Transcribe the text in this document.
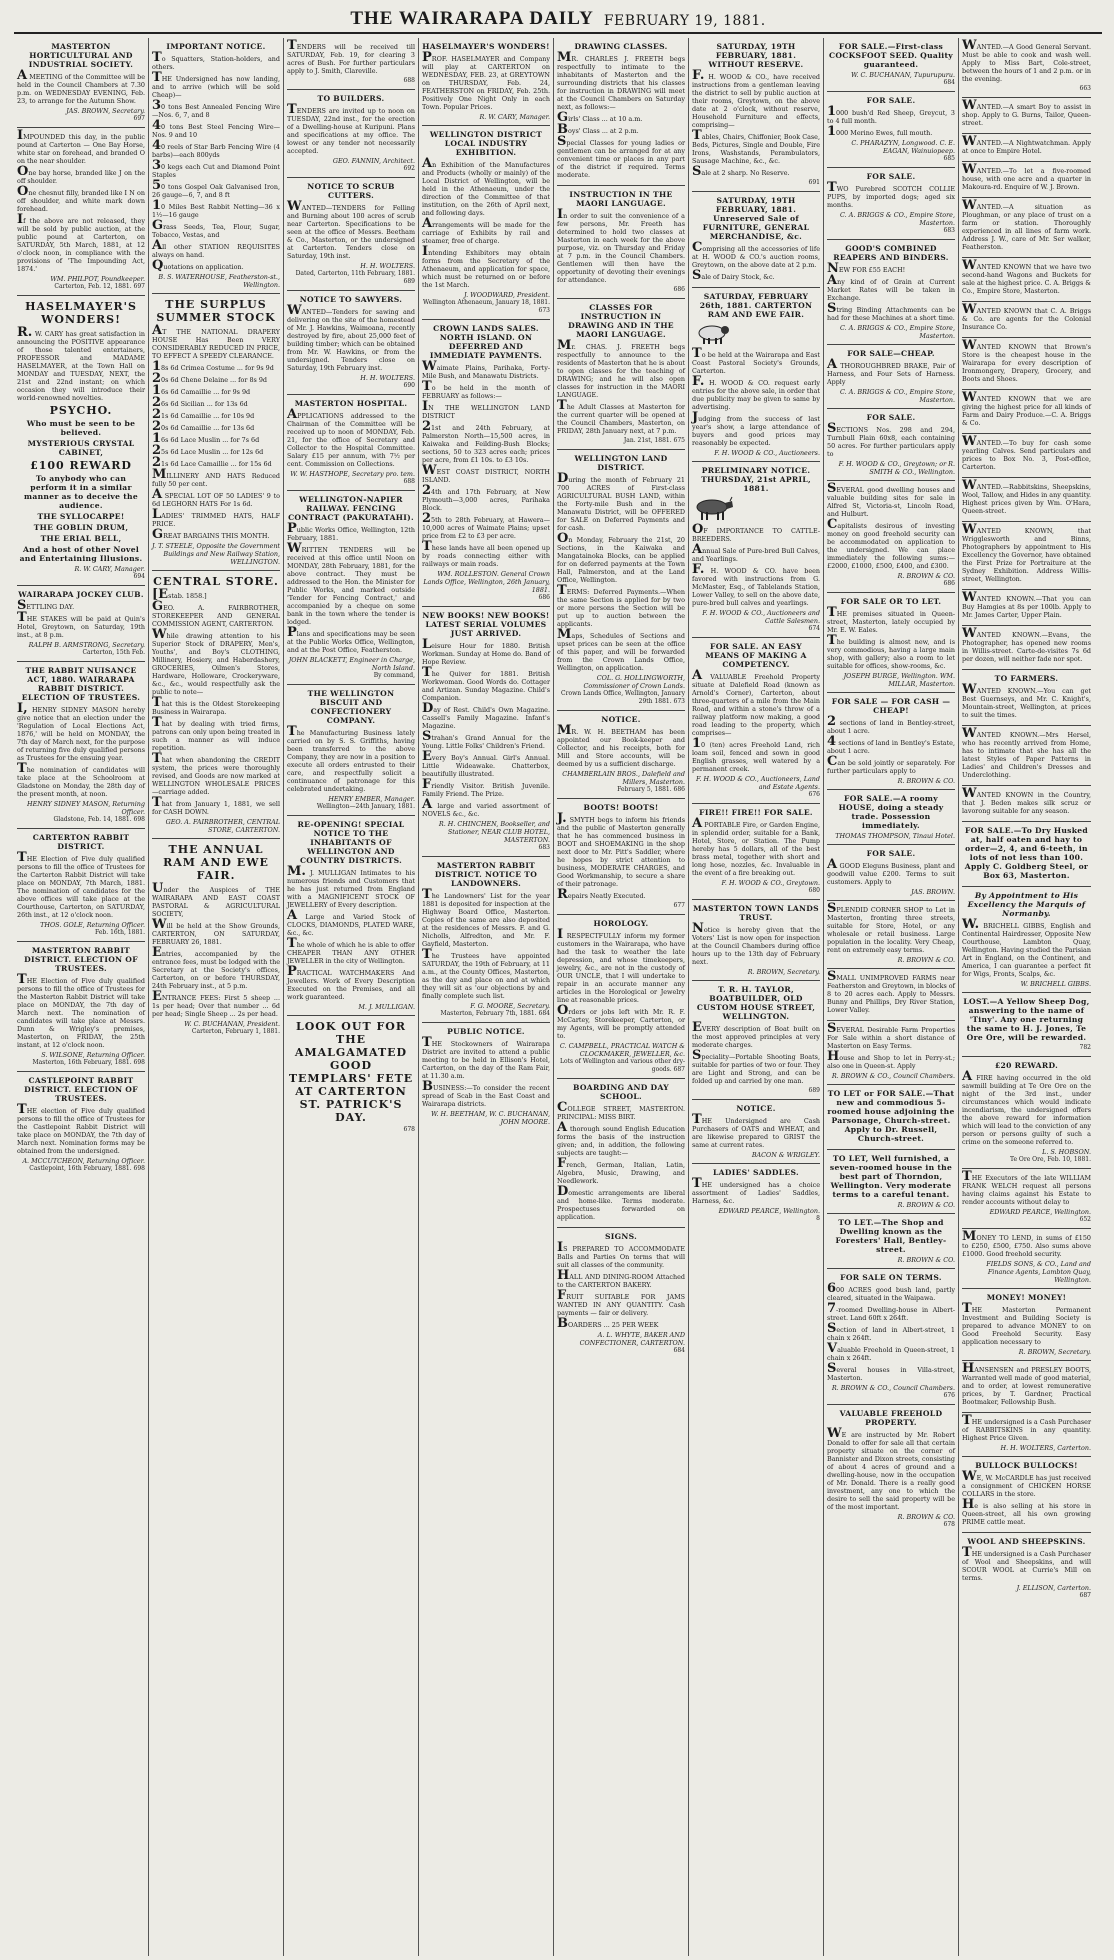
THE WAIRARAPA DAILY FEBRUARY 19, 1881.
MASTERTON HORTICULTURAL AND INDUSTRIAL SOCIETY.
A MEETING of the Committee will be held in the Council Chambers at 7.30 p.m. on WEDNESDAY EVENING, Feb. 23, to arrange for the Autumn Show.
JAS. BROWN, Secretary.
697
IMPOUNDED this day, in the public pound at Carterton — One Bay Horse, white star on forehead, and branded O on the near shoulder.
One bay horse, branded like J on the off shoulder.
One chesnut filly, branded like I N on off shoulder, and white mark down forehead.
If the above are not released, they will be sold by public auction, at the public pound at Carterton, on SATURDAY, 5th March, 1881, at 12 o'clock noon, in compliance with the provisions of 'The Impounding Act, 1874.'
WM. PHILPOT, Poundkeeper.
Carterton, Feb. 12, 1881. 697
HASELMAYER'S WONDERS!
R. W. CARY has great satisfaction in announcing the POSITIVE appearance of those talented entertainers, PROFESSOR and MADAME HASELMAYER, at the Town Hall on MONDAY and TUESDAY, NEXT, the 21st and 22nd instant; on which occasion they will introduce their world-renowned novelties.
PSYCHO.
Who must be seen to be believed.
MYSTERIOUS CRYSTAL CABINET,
£100 REWARD
To anybody who can perform it in a similar manner as to deceive the audience.
THE SYLLOCARPE!
THE GOBLIN DRUM,
THE ERIAL BELL,
And a host of other Novel and Entertaining Illusions.
R. W. CARY, Manager.
694
WAIRARAPA JOCKEY CLUB.
SETTLING DAY.
THE STAKES will be paid at Quin's Hotel, Greytown, on Saturday, 19th inst., at 8 p.m.
RALPH B. ARMSTRONG, Secretary.
Carterton, 15th Feb.
THE RABBIT NUISANCE ACT, 1880. WAIRARAPA RABBIT DISTRICT. ELECTION OF TRUSTEES.
I, HENRY SIDNEY MASON hereby give notice that an election under the 'Regulation of Local Elections Act, 1876,' will be held on MONDAY, the 7th day of March next, for the purpose of returning five duly qualified persons as Trustees for the ensuing year.
The nomination of candidates will take place at the Schoolroom at Gladstone on Monday, the 28th day of the present month, at noon.
HENRY SIDNEY MASON, Returning Officer.
Gladstone, Feb. 14, 1881. 698
CARTERTON RABBIT DISTRICT.
THE Election of Five duly qualified persons to fill the office of Trustees for the Carterton Rabbit District will take place on MONDAY, 7th March, 1881. The nomination of candidates for the above offices will take place at the Courthouse, Carterton, on SATURDAY, 26th inst., at 12 o'clock noon.
THOS. GOLE, Returning Officer.
Feb. 16th, 1881.
MASTERTON RABBIT DISTRICT. ELECTION OF TRUSTEES.
THE Election of Five duly qualified persons to fill the office of Trustees for the Masterton Rabbit District will take place on MONDAY, the 7th day of March next. The nomination of candidates will take place at Messrs. Dunn & Wrigley's premises, Masterton, on FRIDAY, the 25th instant, at 12 o'clock noon.
S. WILSONE, Returning Officer.
Masterton, 16th February, 1881. 698
CASTLEPOINT RABBIT DISTRICT. ELECTION OF TRUSTEES.
THE election of Five duly qualified persons to fill the office of Trustees for the Castlepoint Rabbit District will take place on MONDAY, the 7th day of March next. Nomination forms may be obtained from the undersigned.
A. MCCUTCHEON, Returning Officer.
Castlepoint, 16th February, 1881. 698
IMPORTANT NOTICE.
To Squatters, Station-holders, and others.
THE Undersigned has now landing, and to arrive (which will be sold Cheap)—
30 tons Best Annealed Fencing Wire—Nos. 6, 7, and 8
40 tons Best Steel Fencing Wire—Nos. 9 and 10
40 reels of Star Barb Fencing Wire (4 barbs)—each 800yds
30 kegs each Cut and Diamond Point Staples
50 tons Gospel Oak Galvanised Iron, 26 gauge—6, 7, and 8 ft
10 Miles Best Rabbit Netting—36 x 1½—16 gauge
Grass Seeds, Tea, Flour, Sugar, Tobacco, Vestas, and
All other STATION REQUISITES always on hand.
Quotations on application.
B. S. WATERHOUSE, Featherston-st., Wellington.
THE SURPLUS SUMMER STOCK
AT THE NATIONAL DRAPERY HOUSE Has Been VERY CONSIDERABLY REDUCED IN PRICE, TO EFFECT A SPEEDY CLEARANCE.
18s 6d Crimea Costume ... for 9s 9d
20s 6d Chene Delaine ... for 8s 9d
16s 6d Camaillie ... for 9s 9d
26s 6d Sicilian ... for 13s 6d
21s 6d Camaillie ... for 10s 9d
20s 6d Camaillie ... for 13s 6d
16s 6d Lace Muslin ... for 7s 6d
25s 6d Lace Muslin ... for 12s 6d
21s 6d Lace Camaillie ... for 15s 6d
MILLINERY AND HATS Reduced fully 50 per cent.
A SPECIAL LOT OF 50 LADIES' 9 to 6d LEGHORN HATS For 1s 6d.
LADIES' TRIMMED HATS, HALF PRICE.
GREAT BARGAINS THIS MONTH.
J. T. STEELE, Opposite the Government Buildings and New Railway Station, WELLINGTON.
CENTRAL STORE.
[Estab. 1858.]
GEO. A. FAIRBROTHER, STOREKEEPER AND GENERAL COMMISSION AGENT, CARTERTON.
While drawing attention to his Superior Stock of DRAPERY, Men's, Youths', and Boy's CLOTHING, Millinery, Hosiery, and Haberdashery, GROCERIES, Oilmen's Stores, Hardware, Holloware, Crockeryware, &c., &c., would respectfully ask the public to note—
That this is the Oldest Storekeeping Business in Wairarapa.
That by dealing with tried firms, patrons can only upon being treated in such a manner as will induce repetition.
That when abandoning the CREDIT system, the prices were thoroughly revised, and Goods are now marked at WELLINGTON WHOLESALE PRICES—carriage added.
That from January 1, 1881, we sell for CASH DOWN.
GEO. A. FAIRBROTHER, CENTRAL STORE, CARTERTON.
THE ANNUAL RAM AND EWE FAIR.
Under the Auspices of THE WAIRARAPA AND EAST COAST PASTORAL & AGRICULTURAL SOCIETY,
Will be held at the Show Grounds, CARTERTON, ON SATURDAY, FEBRUARY 26, 1881.
Entries, accompanied by the entrance fees, must be lodged with the Secretary at the Society's offices, Carterton, on or before THURSDAY, 24th February inst., at 5 p.m.
ENTRANCE FEES: First 5 sheep ... 1s per head; Over that number ... 6d per head; Single Sheep ... 2s per head.
W. C. BUCHANAN, President.
Carterton, February 1, 1881.
TENDERS will be received till SATURDAY, Feb. 19, for clearing 3 acres of Bush. For further particulars apply to J. Smith, Clareville.
688
TO BUILDERS.
TENDERS are invited up to noon on TUESDAY, 22nd inst., for the erection of a Dwelling-house at Kuripuni. Plans and specifications at my office. The lowest or any tender not necessarily accepted.
GEO. FANNIN, Architect.
692
NOTICE TO SCRUB CUTTERS.
WANTED—TENDERS for Felling and Burning about 100 acres of scrub near Carterton. Specifications to be seen at the office of Messrs. Beetham & Co., Masterton, or the undersigned at Carterton. Tenders close on Saturday, 19th inst.
H. H. WOLTERS.
Dated, Carterton, 11th February, 1881. 689
NOTICE TO SAWYERS.
WANTED—Tenders for sawing and delivering on the site of the homestead of Mr. J. Hawkins, Waimoana, recently destroyed by fire, about 25,000 feet of building timber; which can be obtained from Mr. W. Hawkins, or from the undersigned. Tenders close on Saturday, 19th February inst.
H. H. WOLTERS.
690
MASTERTON HOSPITAL.
APPLICATIONS addressed to the Chairman of the Committee will be received up to noon of MONDAY, Feb. 21, for the office of Secretary and Collector to the Hospital Committee. Salary £15 per annum, with 7½ per cent. Commission on Collections.
W. W. HASTHOPE, Secretary pro. tem.
688
WELLINGTON-NAPIER RAILWAY. FENCING CONTRACT (PAKURATAHI).
Public Works Office, Wellington, 12th February, 1881.
WRITTEN TENDERS will be received at this office until Noon on MONDAY, 28th February, 1881, for the above contract. They must be addressed to the Hon. the Minister for Public Works, and marked outside 'Tender for Fencing Contract,' and accompanied by a cheque on some bank in the town where the tender is lodged.
Plans and specifications may be seen at the Public Works Office, Wellington, and at the Post Office, Featherston.
JOHN BLACKETT, Engineer in Charge, North Island.
By command,
THE WELLINGTON BISCUIT AND CONFECTIONERY COMPANY.
The Manufacturing Business lately carried on by S. S. Griffiths, having been transferred to the above Company, they are now in a position to execute all orders entrusted to their care, and respectfully solicit a continuance of patronage for this celebrated undertaking.
HENRY EMBER, Manager.
Wellington—24th January, 1881.
RE-OPENING! SPECIAL NOTICE TO THE INHABITANTS OF WELLINGTON AND COUNTRY DISTRICTS.
M. J. MULLIGAN Intimates to his numerous friends and Customers that he has just returned from England with a MAGNIFICENT STOCK OF JEWELLERY of Every description.
A Large and Varied Stock of CLOCKS, DIAMONDS, PLATED WARE, &c., &c.
The whole of which he is able to offer CHEAPER THAN ANY OTHER JEWELLER in the city of Wellington.
PRACTICAL WATCHMAKERS And Jewellers. Work of Every Description Executed on the Premises, and all work guaranteed.
M. J. MULLIGAN.
LOOK OUT FOR THE AMALGAMATED GOOD TEMPLARS' FETE AT CARTERTON ST. PATRICK'S DAY.
678
HASELMAYER'S WONDERS!
PROF. HASELMAYER and Company will play at CARTERTON on WEDNESDAY, FEB. 23, at GREYTOWN on THURSDAY, Feb. 24, FEATHERSTON on FRIDAY, Feb. 25th. Positively One Night Only in each Town. Popular Prices.
R. W. CARY, Manager.
WELLINGTON DISTRICT LOCAL INDUSTRY EXHIBITION.
An Exhibition of the Manufactures and Products (wholly or mainly) of the Local District of Wellington, will be held in the Athenaeum, under the direction of the Committee of that institution, on the 26th of April next, and following days.
Arrangements will be made for the carriage of Exhibits by rail and steamer, free of charge.
Intending Exhibitors may obtain forms from the Secretary of the Athenaeum, and application for space, which must be returned on or before the 1st March.
J. WOODWARD, President.
Wellington Athenaeum, January 18, 1881. 673
CROWN LANDS SALES. NORTH ISLAND. ON DEFERRED AND IMMEDIATE PAYMENTS.
Waimate Plains, Parihaka, Forty-Mile Bush, and Manawatu Districts.
To be held in the month of FEBRUARY as follows:—
IN THE WELLINGTON LAND DISTRICT
21st and 24th February, at Palmerston North—15,500 acres, in Kaiwaka and Feilding-Bush Blocks; sections, 50 to 323 acres each; prices per acre, from £1 10s. to £3 10s.
WEST COAST DISTRICT, NORTH ISLAND.
24th and 17th February, at New Plymouth—3,000 acres, Parihaka Block.
25th to 28th February, at Hawera—10,000 acres of Waimate Plains; upset price from £2 to £3 per acre.
These lands have all been opened up by roads connecting either with railways or main roads.
WM. ROLLESTON. General Crown Lands Office, Wellington, 26th January, 1881.
686
NEW BOOKS! NEW BOOKS! LATEST SERIAL VOLUMES JUST ARRIVED.
Leisure Hour for 1880. British Workman. Sunday at Home do. Band of Hope Review.
The Quiver for 1881. British Workwoman. Good Words do. Cottager and Artizan. Sunday Magazine. Child's Companion.
Day of Rest. Child's Own Magazine. Cassell's Family Magazine. Infant's Magazine.
Strahan's Grand Annual for the Young. Little Folks' Children's Friend.
Every Boy's Annual. Girl's Annual. Little Wideawake. Chatterbox, beautifully illustrated.
Friendly Visitor. British Juvenile. Family Friend. The Prize.
A large and varied assortment of NOVELS &c., &c.
R. H. CHINCHEN, Bookseller, and Stationer, NEAR CLUB HOTEL, MASTERTON.
683
MASTERTON RABBIT DISTRICT. NOTICE TO LANDOWNERS.
The Landowners' List for the year 1881 is deposited for inspection at the Highway Board Office, Masterton. Copies of the same are also deposited at the residences of Messrs. F. and G. Nicholls, Alfredton, and Mr. F. Gayfield, Masterton.
The Trustees have appointed SATURDAY, the 19th of February, at 11 a.m., at the County Offices, Masterton, as the day and place on and at which they will sit as 'our objections by and finally complete such list.
F. G. MOORE, Secretary.
Masterton, February 7th, 1881. 684
PUBLIC NOTICE.
THE Stockowners of Wairarapa District are invited to attend a public meeting to be held in Ellison's Hotel, Carterton, on the day of the Ram Fair, at 11.30 a.m.
BUSINESS:—To consider the recent spread of Scab in the East Coast and Wairarapa districts.
W. H. BEETHAM, W. C. BUCHANAN, JOHN MOORE.
DRAWING CLASSES.
MR. CHARLES J. FREETH begs respectfully to intimate to the inhabitants of Masterton and the surrounding districts that his classes for instruction in DRAWING will meet at the Council Chambers on Saturday next, as follows:—
Girls' Class ... at 10 a.m.
Boys' Class ... at 2 p.m.
Special Classes for young ladies or gentlemen can be arranged for at any convenient time or places in any part of the district if required. Terms moderate.
INSTRUCTION IN THE MAORI LANGUAGE.
In order to suit the convenience of a few persons, Mr. Freeth has determined to hold two classes at Masterton in each week for the above purpose, viz. on Thursday and Friday at 7 p.m. in the Council Chambers. Gentlemen will then have the opportunity of devoting their evenings for attendance.
686
CLASSES FOR INSTRUCTION IN DRAWING AND IN THE MAORI LANGUAGE.
Mr. CHAS. J. FREETH begs respectfully to announce to the residents of Masterton that he is about to open classes for the teaching of DRAWING; and he will also open classes for instruction in the MAORI LANGUAGE.
The Adult Classes at Masterton for the current quarter will be opened at the Council Chambers, Masterton, on FRIDAY, 28th January next, at 7 p.m.
Jan. 21st, 1881. 675
WELLINGTON LAND DISTRICT.
During the month of February 21 700 ACRES of First-class AGRICULTURAL BUSH LAND, within the Forty-mile Bush and in the Manawatu District, will be OFFERED for SALE on Deferred Payments and for cash.
On Monday, February the 21st, 20 Sections, in the Kaiwaka and Mangatainoka Blocks, can be applied for on deferred payments at the Town Hall, Palmerston, and at the Land Office, Wellington.
TERMS: Deferred Payments.—When the same Section is applied for by two or more persons the Section will be put up to auction between the applicants.
Maps, Schedules of Sections and upset prices can be seen at the office of this paper, and will be forwarded from the Crown Lands Office, Wellington, on application.
COL. G. HOLLINGWORTH, Commissioner of Crown Lands.
Crown Lands Office, Wellington, January 29th 1881. 673
NOTICE.
MR. W. H. BEETHAM has been appointed our Book-keeper and Collector, and his receipts, both for Mill and Store accounts, will be deemed by us a sufficient discharge.
CHAMBERLAIN BROS., Dalefield and Millers, Masterton.
February 5, 1881. 686
BOOTS! BOOTS!
J. SMYTH begs to inform his friends and the public of Masterton generally that he has commenced business in BOOT and SHOEMAKING in the shop next door to Mr. Pitt's Saddler, where he hopes by strict attention to business, MODERATE CHARGES, and Good Workmanship, to secure a share of their patronage.
Repairs Neatly Executed.
677
HOROLOGY.
I RESPECTFULLY inform my former customers in the Wairarapa, who have had the task to weather the late depression, and whose timekeepers, jewelry, &c., are not in the custody of OUR UNCLE, that I will undertake to repair in an accurate manner any articles in the Horological or Jewelry line at reasonable prices.
Orders or jobs left with Mr. R. F. McCartey, Storekeeper, Carterton, or my Agents, will be promptly attended to.
C. CAMPBELL, PRACTICAL WATCH & CLOCKMAKER, JEWELLER, &c.
Lots of Wellington and various other dry-goods. 687
BOARDING AND DAY SCHOOL.
COLLEGE STREET, MASTERTON. PRINCIPAL: MISS BIRT.
A thorough sound English Education forms the basis of the instruction given; and, in addition, the following subjects are taught:—
French, German, Italian, Latin, Algebra, Music, Drawing, and Needlework.
Domestic arrangements are liberal and home-like. Terms moderate. Prospectuses forwarded on application.
SIGNS.
IS PREPARED TO ACCOMMODATE Balls and Parties On terms that will suit all classes of the community.
HALL AND DINING-ROOM Attached to the CARTERTON BAKERY.
FRUIT SUITABLE FOR JAMS WANTED IN ANY QUANTITY. Cash payments — fair or delivery.
BOARDERS ... 25 PER WEEK
A. L. WHYTE, BAKER AND CONFECTIONER, CARTERTON.
684
SATURDAY, 19TH FEBRUARY, 1881. WITHOUT RESERVE.
F. H. WOOD & CO., have received instructions from a gentleman leaving the district to sell by public auction at their rooms, Greytown, on the above date at 2 o'clock, without reserve, Household Furniture and effects, comprising—
Tables, Chairs, Chiffonier, Book Case, Beds, Pictures, Single and Double, Fire Irons, Washstands, Perambulators, Sausage Machine, &c., &c.
Sale at 2 sharp. No Reserve.
691
SATURDAY, 19TH FEBRUARY, 1881. Unreserved Sale of FURNITURE, GENERAL MERCHANDISE, &c.
Comprising all the accessories of life at H. WOOD & CO.'s auction rooms, Greytown, on the above date at 2 p.m.
Sale of Dairy Stock, &c.
SATURDAY, FEBRUARY 26th, 1881. CARTERTON RAM AND EWE FAIR.
To be held at the Wairarapa and East Coast Pastoral Society's Grounds, Carterton.
F. H. WOOD & CO. request early entries for the above sale, in order that due publicity may be given to same by advertising.
Judging from the success of last year's show, a large attendance of buyers and good prices may reasonably be expected.
F. H. WOOD & CO., Auctioneers.
PRELIMINARY NOTICE. THURSDAY, 21st APRIL, 1881.
OF IMPORTANCE TO CATTLE-BREEDERS.
Annual Sale of Pure-bred Bull Calves, and Yearlings.
F. H. WOOD & CO. have been favored with instructions from G. McMaster, Esq., of Tablelands Station, Lower Valley, to sell on the above date, pure-bred bull calves and yearlings.
F. H. WOOD & CO., Auctioneers and Cattle Salesmen.
674
FOR SALE. AN EASY MEANS OF MAKING A COMPETENCY.
A VALUABLE Freehold Property situate at Dalefield Road (known as Arnold's Corner), Carterton, about three-quarters of a mile from the Main Road, and within a stone's throw of a railway platform now making, a good road leading to the property, which comprises—
10 (ten) acres Freehold Land, rich loam soil, fenced and sown in good English grasses, well watered by a permanent creek.
F. H. WOOD & CO., Auctioneers, Land and Estate Agents.
676
FIRE!! FIRE!! FOR SALE.
A PORTABLE Fire, or Garden Engine, in splendid order, suitable for a Bank, Hotel, Store, or Station. The Pump hereby has 5 dollars, all of the best brass metal, together with short and long hose, nozzles, &c. Invaluable in the event of a fire breaking out.
F. H. WOOD & CO., Greytown.
680
MASTERTON TOWN LANDS TRUST.
Notice is hereby given that the Voters' List is now open for inspection at the Council Chambers during office hours up to the 13th day of February next.
R. BROWN, Secretary.
T. R. H. TAYLOR, BOATBUILDER, OLD CUSTOM HOUSE STREET, WELLINGTON.
EVERY description of Boat built on the most approved principles at very moderate charges.
Speciality—Portable Shooting Boats, suitable for parties of two or four. They are Light and Strong, and can be folded up and carried by one man.
689
NOTICE.
THE Undersigned are Cash Purchasers of OATS and WHEAT, and are likewise prepared to GRIST the same at current rates.
BACON & WRIGLEY.
LADIES' SADDLES.
THE undersigned has a choice assortment of Ladies' Saddles, Harness, &c.
EDWARD PEARCE, Wellington.
8
FOR SALE.—First-class COCKSFOOT SEED. Quality guaranteed.
W. C. BUCHANAN, Tupurupuru.
684
FOR SALE.
1000 bush'd Red Sheep, Greycut, 3 to 4 full month.
1000 Merino Ewes, full mouth.
C. PHARAZYN, Longwood. C. E. EAGAN, Wainuiopeep.
685
FOR SALE.
TWO Purebred SCOTCH COLLIE PUPS, by imported dogs; aged six months.
C. A. BRIGGS & CO., Empire Store, Masterton.
683
GOOD'S COMBINED REAPERS AND BINDERS.
NEW FOR £55 EACH!
Any kind of of Grain at Current Market Rates will be taken in Exchange.
String Binding Attachments can be had for these Machines at a short time.
C. A. BRIGGS & CO., Empire Store, Masterton.
FOR SALE—CHEAP.
A THOROUGHBRED BRAKE, Pair of Harness, and Four Sets of Harness. Apply
C. A. BRIGGS & CO., Empire Store, Masterton.
FOR SALE.
SECTIONS Nos. 298 and 294, Turnbull Plain 60x8, each containing 50 acres. For further particulars apply to
F. H. WOOD & CO., Greytown; or R. SMITH & CO., Wellington.
SEVERAL good dwelling houses and valuable building sites for sale in Alfred St, Victoria-st, Lincoln Road, and Hulburt.
Capitalists desirous of investing money on good freehold security can be accommodated on application to the undersigned. We can place immediately the following sums:—£2000, £1000, £500, £400, and £300.
R. BROWN & CO.
686
FOR SALE OR TO LET.
THE premises situated in Queen-street, Masterton, lately occupied by Mr. E. W. Eales.
The building is almost new, and is very commodious, having a large main shop, with gallery; also a room to let suitable for offices, show-rooms, &c.
JOSEPH BURGE, Wellington. WM. MILLAR, Masterton.
FOR SALE — FOR CASH — CHEAP!
2 sections of land in Bentley-street, about 1 acre.
4 sections of land in Bentley's Estate, about 1 acre.
Can be sold jointly or separately. For further particulars apply to
R. BROWN & CO.
FOR SALE.—A roomy HOUSE, doing a steady trade. Possession immediately.
THOMAS THOMPSON, Tinaui Hotel.
FOR SALE.
A GOOD Eleguns Business, plant and goodwill value £200. Terms to suit customers. Apply to
JAS. BROWN.
SPLENDID CORNER SHOP to Let in Masterton, fronting three streets, suitable for Store, Hotel, or any wholesale or retail business. Large population in the locality. Very Cheap, rent on extremely easy terms.
R. BROWN & CO.
SMALL UNIMPROVED FARMS near Featherston and Greytown, in blocks of 8 to 20 acres each. Apply to Messrs. Bunny and Phillips, Dry River Station, Lower Valley.
SEVERAL Desirable Farm Properties For Sale within a short distance of Masterton on Easy Terms.
House and Shop to let in Perry-st.; also one in Queen-st. Apply
R. BROWN & CO., Council Chambers.
TO LET or FOR SALE.—That new and commodious 5-roomed house adjoining the Parsonage, Church-street. Apply to Dr. Russell, Church-street.
TO LET, Well furnished, a seven-roomed house in the best part of Thorndon, Wellington. Very moderate terms to a careful tenant.
R. BROWN & CO.
TO LET.—The Shop and Dwelling known as the Foresters' Hall, Bentley-street.
R. BROWN & CO.
FOR SALE ON TERMS.
600 ACRES good bush land, partly cleared, situated in the Waipawa.
7-roomed Dwelling-house in Albert-street. Land 60ft x 264ft.
Section of land in Albert-street, 1 chain x 264ft.
Valuable Freehold in Queen-street, 1 chain x 264ft.
Several houses in Villa-street, Masterton.
R. BROWN & CO., Council Chambers.
676
VALUABLE FREEHOLD PROPERTY.
WE are instructed by Mr. Robert Donald to offer for sale all that certain property situate on the corner of Bannister and Dixon streets, consisting of about 4 acres of ground and a dwelling-house, now in the occupation of Mr. Donald. There is a really good investment, any one to which the desire to sell the said property will be of the most important.
R. BROWN & CO.
678
WANTED.—A Good General Servant. Must be able to cook and wash well. Apply to Miss Bart, Cole-street, between the hours of 1 and 2 p.m. or in the evening.
663
WANTED.—A smart Boy to assist in shop. Apply to G. Burns, Tailor, Queen-street.
WANTED.—A Nightwatchman. Apply at once to Empire Hotel.
WANTED.—To let a five-roomed house, with one acre and a quarter in Makoura-rd. Enquire of W. J. Brown.
WANTED.—A situation as Ploughman, or any place of trust on a farm or station. Thoroughly experienced in all lines of farm work. Address J. W., care of Mr. Ser walker, Featherston.
WANTED KNOWN that we have two second-hand Wagons and Buckets for sale at the highest price. C. A. Briggs & Co., Empire Store, Masterton.
WANTED KNOWN that C. A. Briggs & Co. are agents for the Colonial Insurance Co.
WANTED KNOWN that Brown's Store is the cheapest house in the Wairarapa for every description of Ironmongery, Drapery, Grocery, and Boots and Shoes.
WANTED KNOWN that we are giving the highest price for all kinds of Farm and Dairy Produce.—C. A. Briggs & Co.
WANTED.—To buy for cash some yearling Calves. Send particulars and prices to Box No. 3, Post-office, Carterton.
WANTED.—Rabbitskins, Sheepskins, Wool, Tallow, and Hides in any quantity. Highest prices given by Wm. O'Hara, Queen-street.
WANTED KNOWN, that Wrigglesworth and Binns, Photographers by appointment to His Excellency the Governor, have obtained the First Prize for Portraiture at the Sydney Exhibition. Address Willis-street, Wellington.
WANTED KNOWN.—That you can Buy Hamgies at 8s per 100lb. Apply to Mr. James Carter, Upper Plain.
WANTED KNOWN.—Evans, the Photographer, has opened new rooms in Willis-street. Carte-de-visites 7s 6d per dozen, will neither fade nor spot.
TO FARMERS.
WANTED KNOWN.—You can get Best Guernseys, and Mr. C. Knight's, Mountain-street, Wellington, at prices to suit the times.
WANTED KNOWN.—Mrs Hersel, who has recently arrived from Home, has to intimate that she has all the latest Styles of Paper Patterns in Ladies' and Children's Dresses and Underclothing.
WANTED KNOWN in the Country, that J. Beden makes silk scruz or lavorong suitable for any season.
FOR SALE.—To Dry Husked at, half oaten and hay to order—2, 4, and 6-teeth, in lots of not less than 100. Apply C. Goldberg Steel, or Box 63, Masterton.
By Appointment to His Excellency the Marquis of Normanby.
W. BRICHELL GIBBS, English and Continental Hairdresser, Opposite New Courthouse, Lambton Quay, Wellington. Having studied the Parisian Art in England, on the Continent, and America, I can guarantee a perfect fit for Wigs, Fronts, Scalps, &c.
W. BRICHELL GIBBS.
LOST.—A Yellow Sheep Dog, answering to the name of 'Tiny'. Any one returning the same to H. J. Jones, Te Ore Ore, will be rewarded.
782
£20 REWARD.
A FIRE having occurred in the old sawmill building at Te Ore Ore on the night of the 3rd inst., under circumstances which would indicate incendiarism, the undersigned offers the above reward for information which will lead to the conviction of any person or persons guilty of such a crime on the someone referred to.
L. S. HOBSON.
Te Ore Ore, Feb. 10, 1881.
THE Executors of the late WILLIAM FRANK WELCH request all persons having claims against his Estate to render accounts without delay to
EDWARD PEARCE, Wellington.
652
MONEY TO LEND, in sums of £150 to £250, £500, £750. Also sums above £1000. Good freehold security.
FIELDS SONS, & CO., Land and Finance Agents, Lambton Quay, Wellington.
MONEY! MONEY!
THE Masterton Permanent Investment and Building Society is prepared to advance MONEY to on Good Freehold Security. Easy application necessary to
R. BROWN, Secretary.
HANSENSEN and PRESLEY BOOTS, Warranted well made of good material, and to order, at lowest remunerative prices, by T. Gardner, Practical Bootmaker, Fellowship Bush.
THE undersigned is a Cash Purchaser of RABBITSKINS in any quantity. Highest Price Given.
H. H. WOLTERS, Carterton.
BULLOCK BULLOCKS!
WE, W. McCARDLE has just received a consignment of CHICKEN HORSE COLLARS in the store.
He is also selling at his store in Queen-street, all his own growing PRIME cattle meat.
WOOL AND SHEEPSKINS.
THE undersigned is a Cash Purchaser of Wool and Sheepskins, and will SCOUR WOOL at Currie's Mill on terms.
J. ELLISON, Carterton.
687
